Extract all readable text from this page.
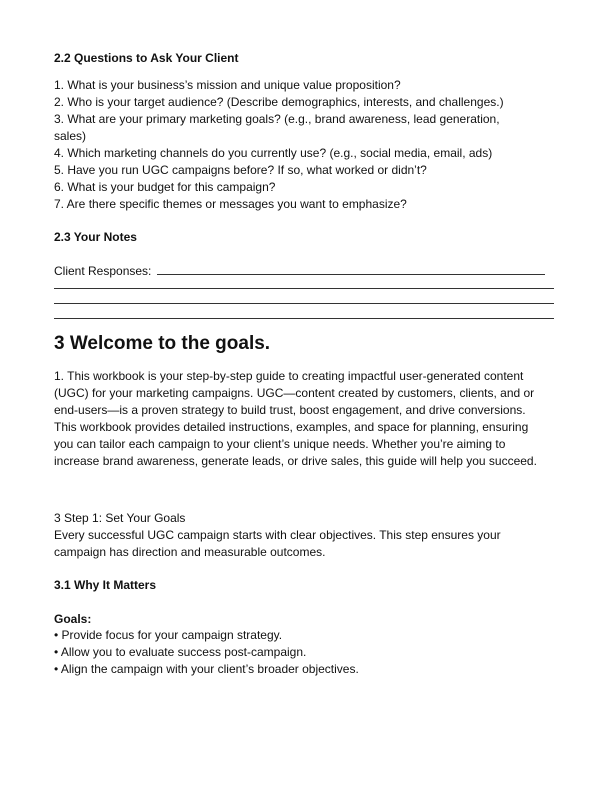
2.2 Questions to Ask Your Client
1. What is your business’s mission and unique value proposition?
2. Who is your target audience? (Describe demographics, interests, and challenges.)
3. What are your primary marketing goals? (e.g., brand awareness, lead generation,
sales)
4. Which marketing channels do you currently use? (e.g., social media, email, ads)
5. Have you run UGC campaigns before? If so, what worked or didn’t?
6. What is your budget for this campaign?
7. Are there specific themes or messages you want to emphasize?
2.3 Your Notes
Client Responses:
3 Welcome to the goals.
1. This workbook is your step-by-step guide to creating impactful user-generated content
(UGC) for your marketing campaigns. UGC—content created by customers, clients, and or
end-users—is a proven strategy to build trust, boost engagement, and drive conversions.
This workbook provides detailed instructions, examples, and space for planning, ensuring
you can tailor each campaign to your client’s unique needs. Whether you’re aiming to
increase brand awareness, generate leads, or drive sales, this guide will help you succeed.
3 Step 1: Set Your Goals
Every successful UGC campaign starts with clear objectives. This step ensures your
campaign has direction and measurable outcomes.
3.1 Why It Matters
Goals:
• Provide focus for your campaign strategy.
• Allow you to evaluate success post-campaign.
• Align the campaign with your client’s broader objectives.
